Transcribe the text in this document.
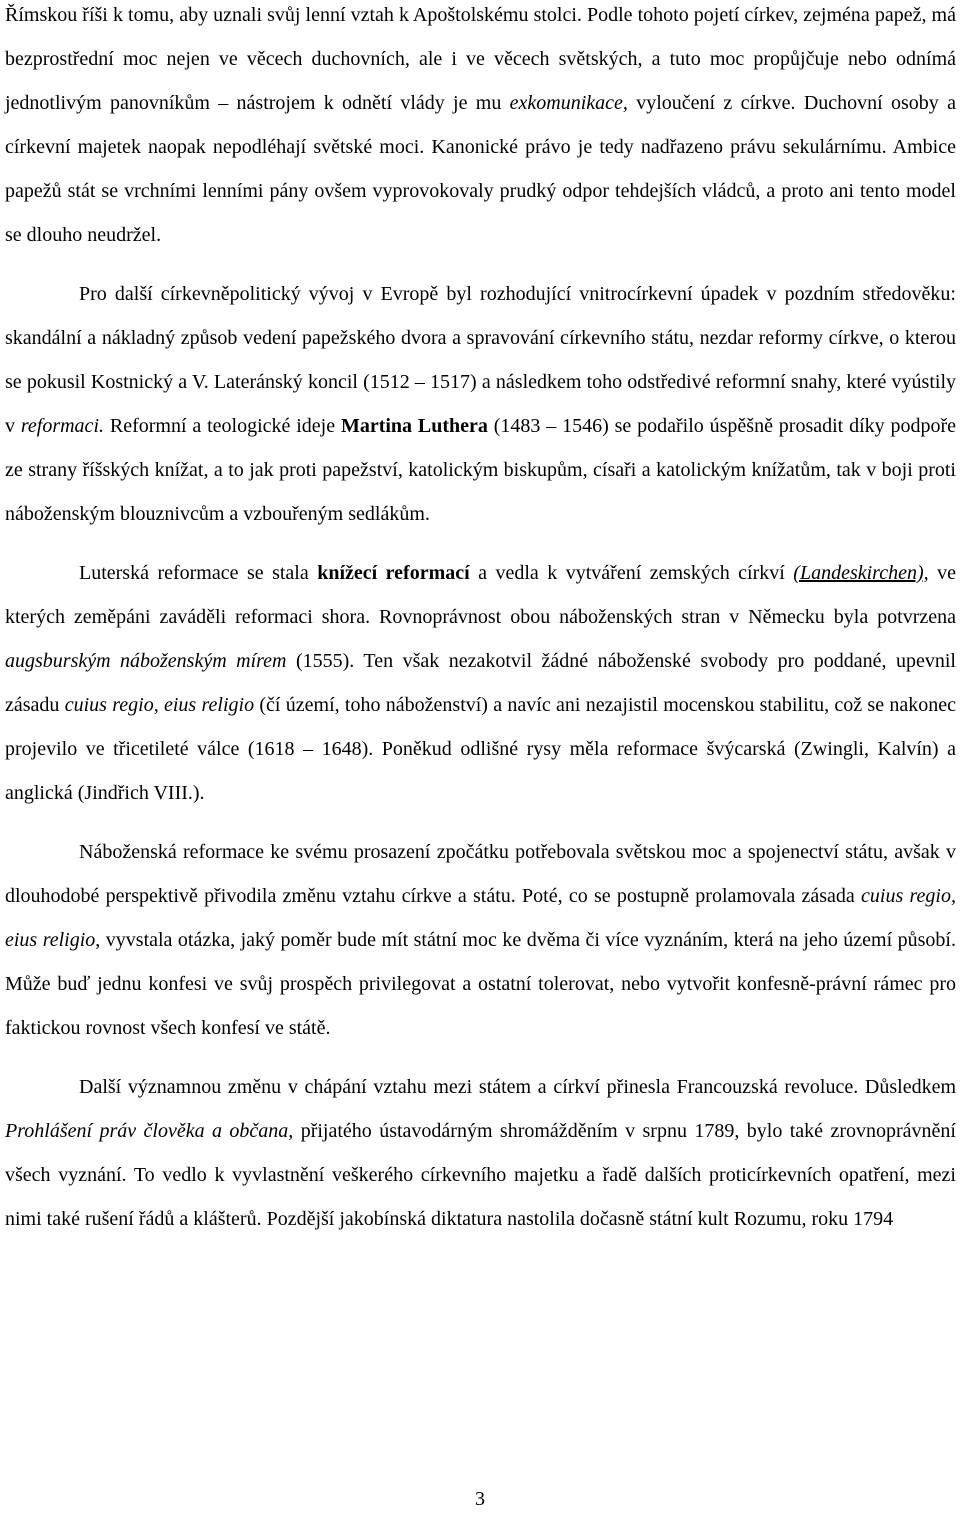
Římskou říši k tomu, aby uznali svůj lenní vztah k Apoštolskému stolci. Podle tohoto pojetí církev, zejména papež, má bezprostřední moc nejen ve věcech duchovních, ale i ve věcech světských, a tuto moc propůjčuje nebo odnímá jednotlivým panovníkům – nástrojem k odnětí vlády je mu exkomunikace, vyloučení z církve. Duchovní osoby a církevní majetek naopak nepodléhají světské moci. Kanonické právo je tedy nadřazeno právu sekulárnímu. Ambice papežů stát se vrchními lenními pány ovšem vyprovokovaly prudký odpor tehdejších vládců, a proto ani tento model se dlouho neudržel.

Pro další církevněpolitický vývoj v Evropě byl rozhodující vnitrocírkevní úpadek v pozdním středověku: skandální a nákladný způsob vedení papežského dvora a spravování církevního státu, nezdar reformy církve, o kterou se pokusil Kostnický a V. Lateránský koncil (1512 – 1517) a následkem toho odstředivé reformní snahy, které vyústily v reformaci. Reformní a teologické ideje Martina Luthera (1483 – 1546) se podařilo úspěšně prosadit díky podpoře ze strany říšských knížat, a to jak proti papežství, katolickým biskupům, císaři a katolickým knížatům, tak v boji proti náboženským blouznivcům a vzbouřeným sedlákům.

Luterská reformace se stala knížecí reformací a vedla k vytváření zemských církví (Landeskirchen), ve kterých zeměpáni zaváděli reformaci shora. Rovnoprávnost obou náboženských stran v Německu byla potvrzena augsburským náboženským mírem (1555). Ten však nezakotvil žádné náboženské svobody pro poddané, upevnil zásadu cuius regio, eius religio (čí území, toho náboženství) a navíc ani nezajistil mocenskou stabilitu, což se nakonec projevilo ve třicetileté válce (1618 – 1648). Poněkud odlišné rysy měla reformace švýcarská (Zwingli, Kalvín) a anglická (Jindřich VIII.).

Náboženská reformace ke svému prosazení zpočátku potřebovala světskou moc a spojenectví státu, avšak v dlouhodobé perspektivě přivodila změnu vztahu církve a státu. Poté, co se postupně prolamovala zásada cuius regio, eius religio, vyvstala otázka, jaký poměr bude mít státní moc ke dvěma či více vyznáním, která na jeho území působí. Může buď jednu konfesi ve svůj prospěch privilegovat a ostatní tolerovat, nebo vytvořit konfesně-právní rámec pro faktickou rovnost všech konfesí ve státě.

Další významnou změnu v chápání vztahu mezi státem a církví přinesla Francouzská revoluce. Důsledkem Prohlášení práv člověka a občana, přijatého ústavodárným shromážděním v srpnu 1789, bylo také zrovnoprávnění všech vyznání. To vedlo k vyvlastnění veškerého církevního majetku a řadě dalších proticírkevních opatření, mezi nimi také rušení řádů a klášterů. Pozdější jakobínská diktatura nastolila dočasně státní kult Rozumu, roku 1794

3
